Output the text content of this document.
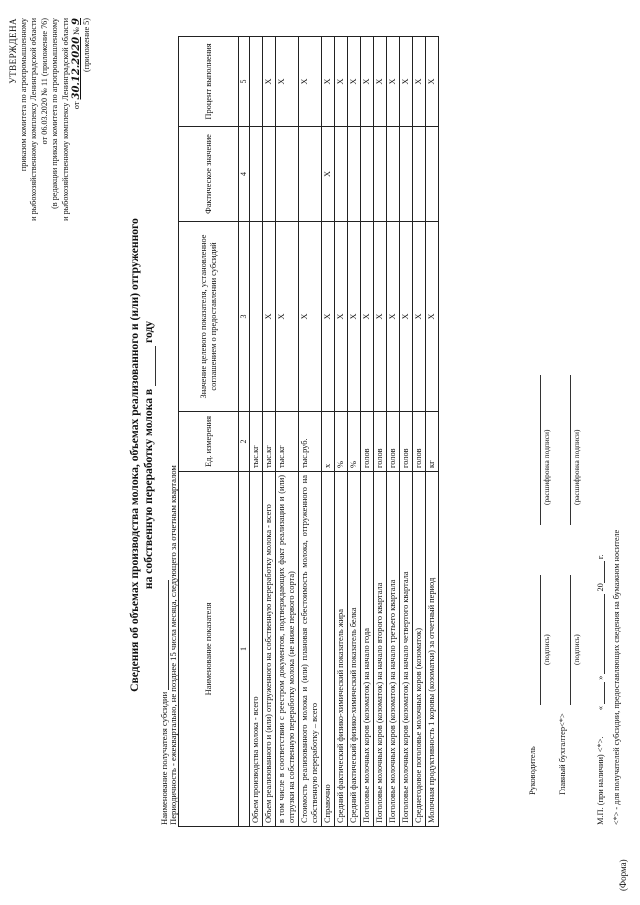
(Форма)
УТВЕРЖДЕНА приказом комитета по агропромышленному и рыбохозяйственному комплексу Ленинградской области от 06.03.2020 № 11 (приложение 76) (в редакции приказа комитета по агропромышленному и рыбохозяйственному комплексу Ленинградской области от 30.12.2020 № 9 (приложение 5)
Сведения об объемах производства молока, объемах реализованного и (или) отгруженного на собственную переработку молока в  году
Наименование получателя субсидии Периодичность - ежеквартально, не позднее 15 числа месяца, следующего за отчетным кварталом	Наименование показателя	Ед. измерения	Значение целевого показателя, установленное соглашением о предоставлении субсидий	Фактическое значение	Процент выполнения
1	2	3	4	5
Объем производства молока - всего	тыс.кг			
Объем реализованного и (или) отгруженного на собственную переработку молока - всего	тыс.кг	X		X
в том числе в соответствии с реестром документов, подтверждающих факт реализации и (или) отгрузки на собственную переработку молока (не ниже первого сорта)	тыс.кг	X		X
Стоимость реализованного молока и (или) плановая себестоимость молока, отгруженного на собственную переработку – всего	тыс.руб.	X		X
Справочно	x	X	X	X
Средний фактический физико-химический показатель жира	%	X		X
Средний фактический физико-химический показатель белка	%	X		X
Поголовье молочных коров (козоматок) на начало года	голов	X		X
Поголовье молочных коров (козоматок) на начало второго квартала	голов	X		X
Поголовье молочных коров (козоматок) на начало третьего квартала	голов	X		X
Поголовье молочных коров (козоматок) на начало четвертого квартала	голов	X		X
Среднегодовое поголовье молочных коров (козоматок)	голов	X		X
Молочная продуктивность 1 коровы (козоматки) за отчетный период	кг	X		X
Руководитель
(подпись)
(расшифровка подписи)
Главный бухгалтер<*>
(подпись)
(расшифровка подписи)
М.П. (при наличии) <*>.  «  »  20 г. <*> - для получателей субсидии, предоставляющих сведения на бумажном носителе
